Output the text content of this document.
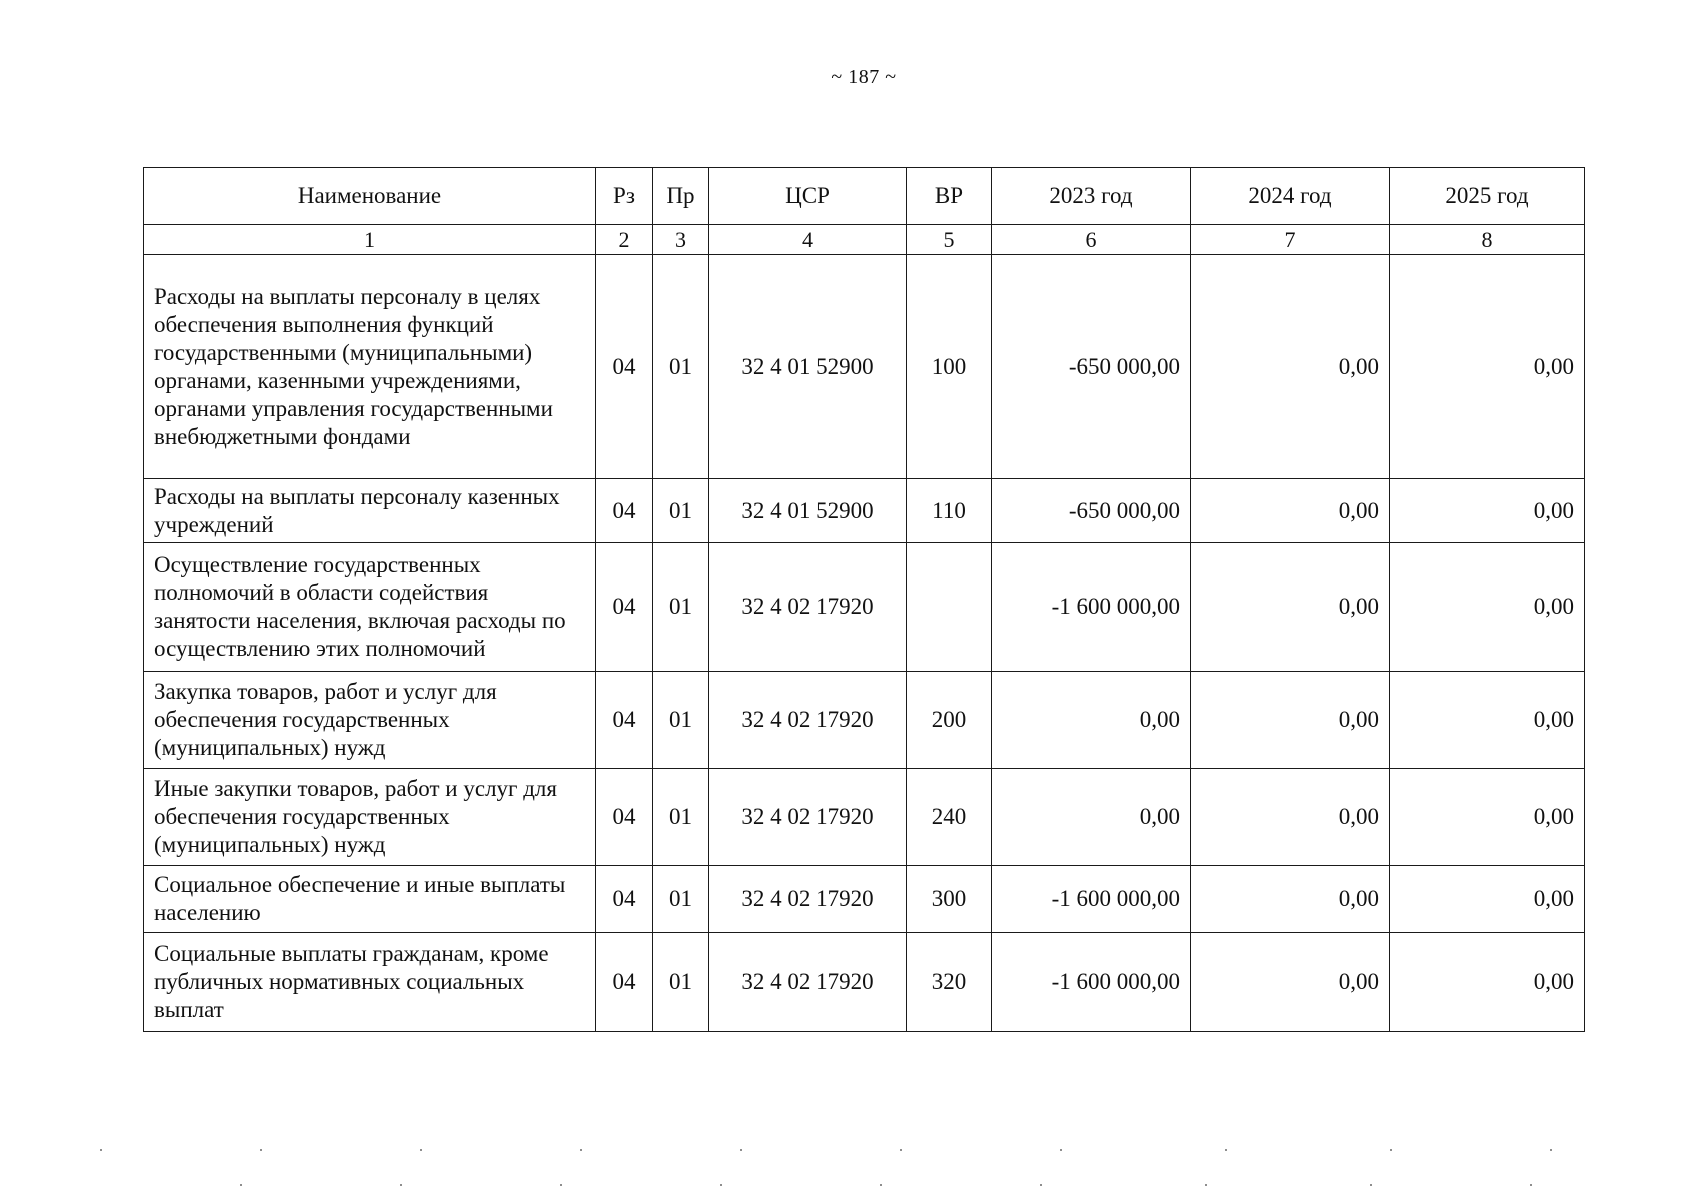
~ 187 ~
Наименование	Рз	Пр	ЦСР	ВР	2023 год	2024 год	2025 год
1	2	3	4	5	6	7	8
Расходы на выплаты персоналу в целях обеспечения выполнения функций государственными (муниципальными) органами, казенными учреждениями, органами управления государственными внебюджетными фондами	04	01	32 4 01 52900	100	-650 000,00	0,00	0,00
Расходы на выплаты персоналу казенных учреждений	04	01	32 4 01 52900	110	-650 000,00	0,00	0,00
Осуществление государственных полномочий в области содействия занятости населения, включая расходы по осуществлению этих полномочий	04	01	32 4 02 17920		-1 600 000,00	0,00	0,00
Закупка товаров, работ и услуг для обеспечения государственных (муниципальных) нужд	04	01	32 4 02 17920	200	0,00	0,00	0,00
Иные закупки товаров, работ и услуг для обеспечения государственных (муниципальных) нужд	04	01	32 4 02 17920	240	0,00	0,00	0,00
Социальное обеспечение и иные выплаты населению	04	01	32 4 02 17920	300	-1 600 000,00	0,00	0,00
Социальные выплаты гражданам, кроме публичных нормативных социальных выплат	04	01	32 4 02 17920	320	-1 600 000,00	0,00	0,00
